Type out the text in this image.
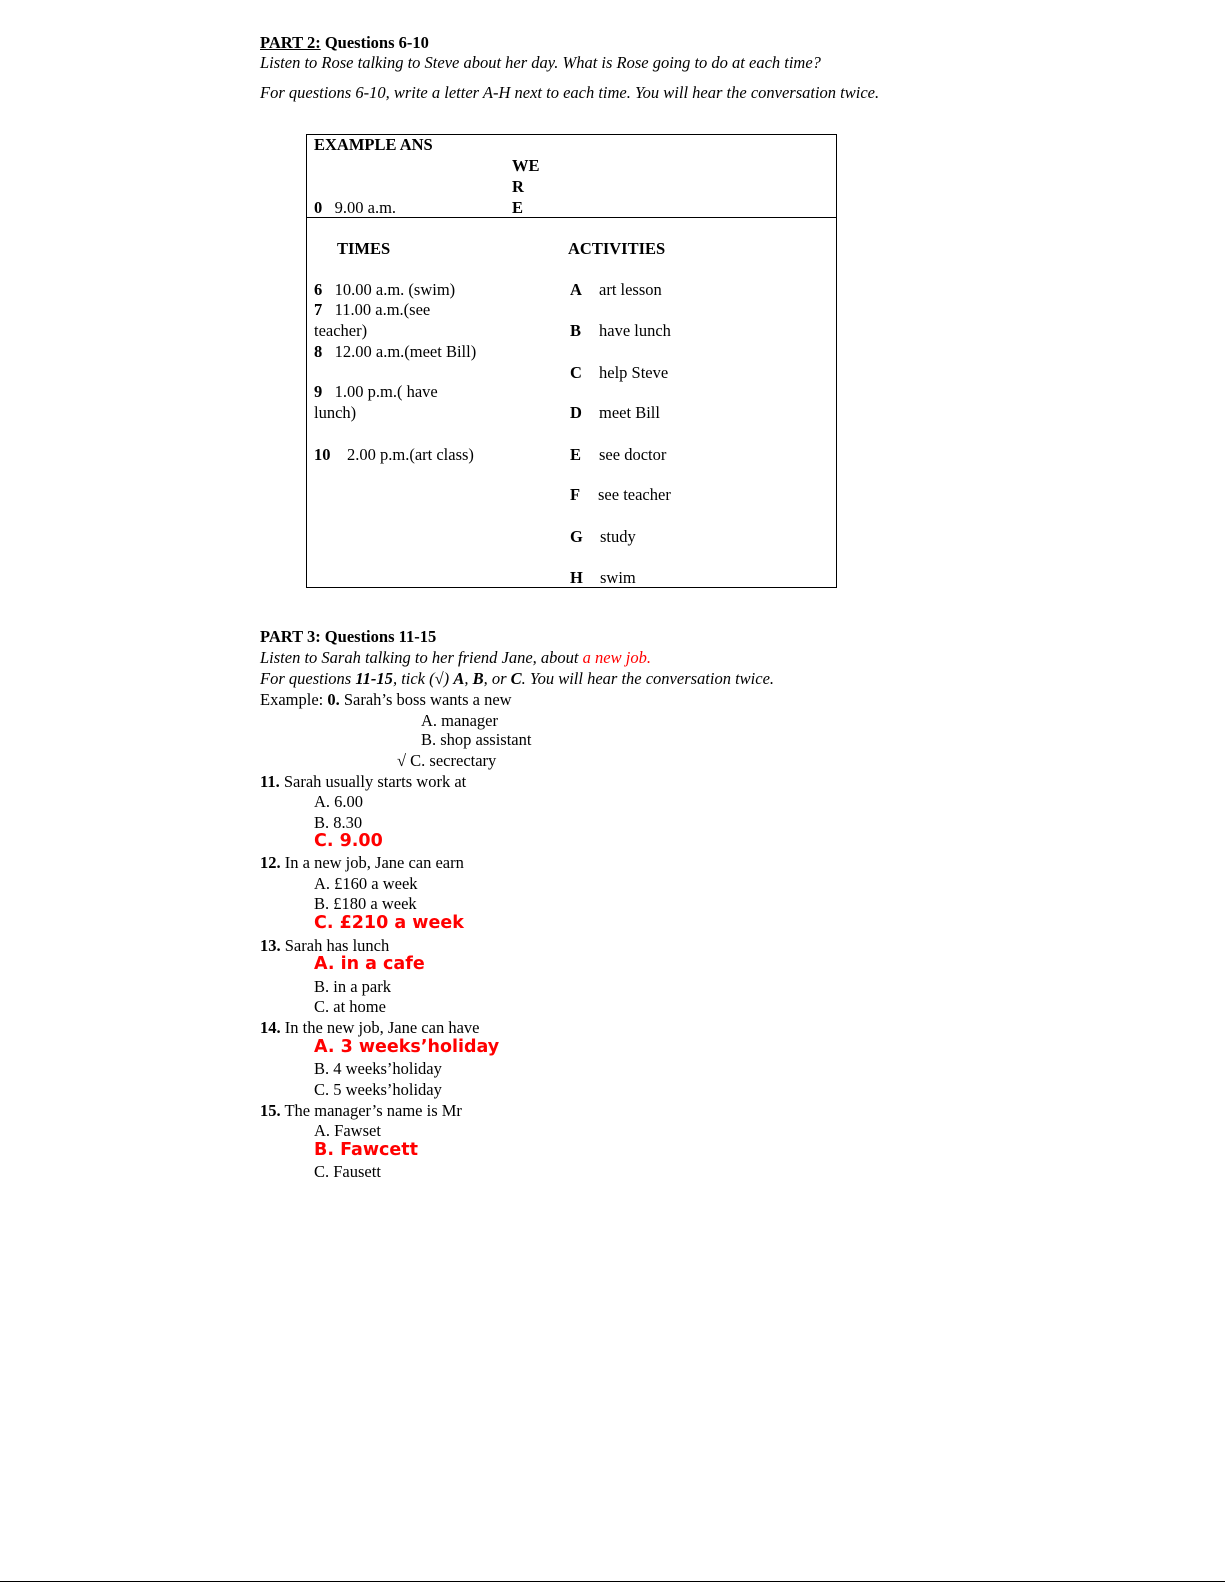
PART 2: Questions 6-10
Listen to Rose talking to Steve about her day. What is Rose going to do at each time?
For questions 6-10, write a letter A-H next to each time. You will hear the conversation twice.
EXAMPLE ANS
WE
R
E
0 9.00 a.m.
TIMES	ACTIVITIES
6 10.00 a.m. (swim)
7 11.00 a.m.(see
teacher)
8 12.00 a.m.(meet Bill)
9 1.00 p.m.( have
lunch)
10 2.00 p.m.(art class)
A art lesson
B have lunch
C help Steve
D meet Bill
E see doctor
F see teacher
G study
H swim
PART 3: Questions 11-15
Listen to Sarah talking to her friend Jane, about a new job.
For questions 11-15, tick (√) A, B, or C. You will hear the conversation twice.
Example: 0. Sarah’s boss wants a new
A. manager
B. shop assistant
√ C. secrectary
11. Sarah usually starts work at
A. 6.00
B. 8.30
C. 9.00
12. In a new job, Jane can earn
A. £160 a week
B. £180 a week
C. £210 a week
13. Sarah has lunch
A. in a cafe
B. in a park
C. at home
14. In the new job, Jane can have
A. 3 weeks’holiday
B. 4 weeks’holiday
C. 5 weeks’holiday
15. The manager’s name is Mr
A. Fawset
B. Fawcett
C. Fausett
